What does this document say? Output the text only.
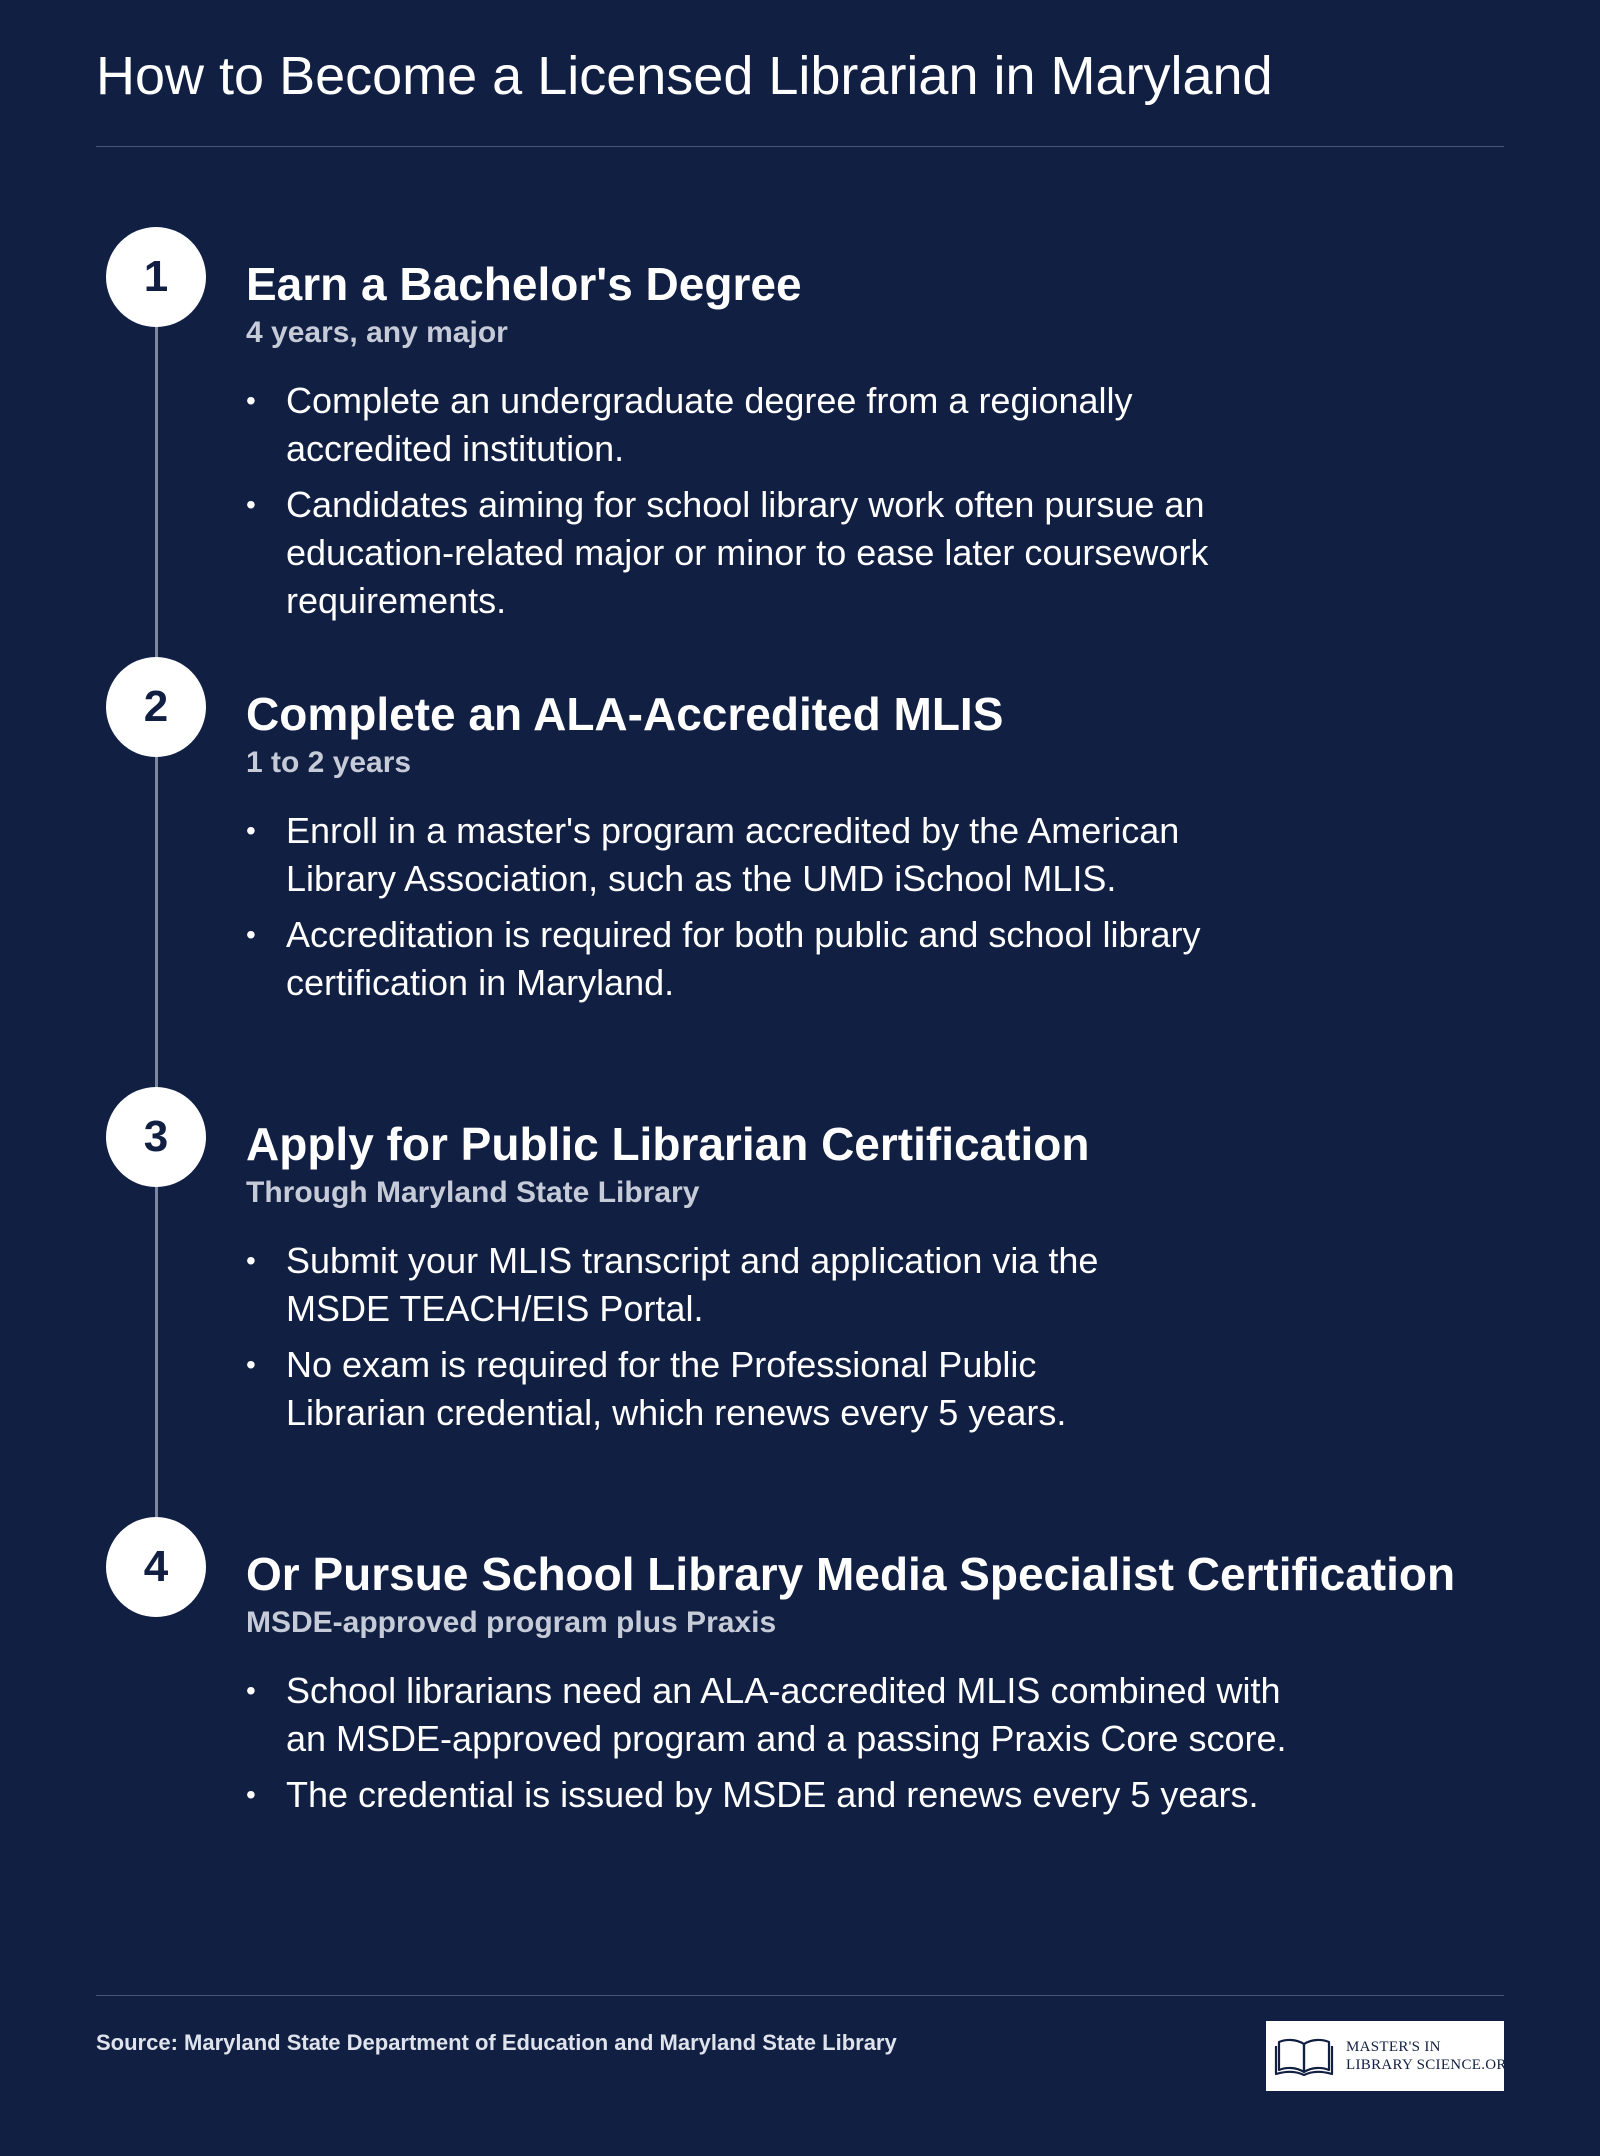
How to Become a Licensed Librarian in Maryland
1	Earn a Bachelor's Degree
4 years, any major
• Complete an undergraduate degree from a regionally accredited institution.
• Candidates aiming for school library work often pursue an education-related major or minor to ease later coursework requirements.
2	Complete an ALA-Accredited MLIS
1 to 2 years
• Enroll in a master's program accredited by the American Library Association, such as the UMD iSchool MLIS.
• Accreditation is required for both public and school library certification in Maryland.
3	Apply for Public Librarian Certification
Through Maryland State Library
• Submit your MLIS transcript and application via the MSDE TEACH/EIS Portal.
• No exam is required for the Professional Public Librarian credential, which renews every 5 years.
4	Or Pursue School Library Media Specialist Certification
MSDE-approved program plus Praxis
• School librarians need an ALA-accredited MLIS combined with an MSDE-approved program and a passing Praxis Core score.
• The credential is issued by MSDE and renews every 5 years.
Source: Maryland State Department of Education and Maryland State Library	MASTER'S IN
LIBRARY SCIENCE.ORG
